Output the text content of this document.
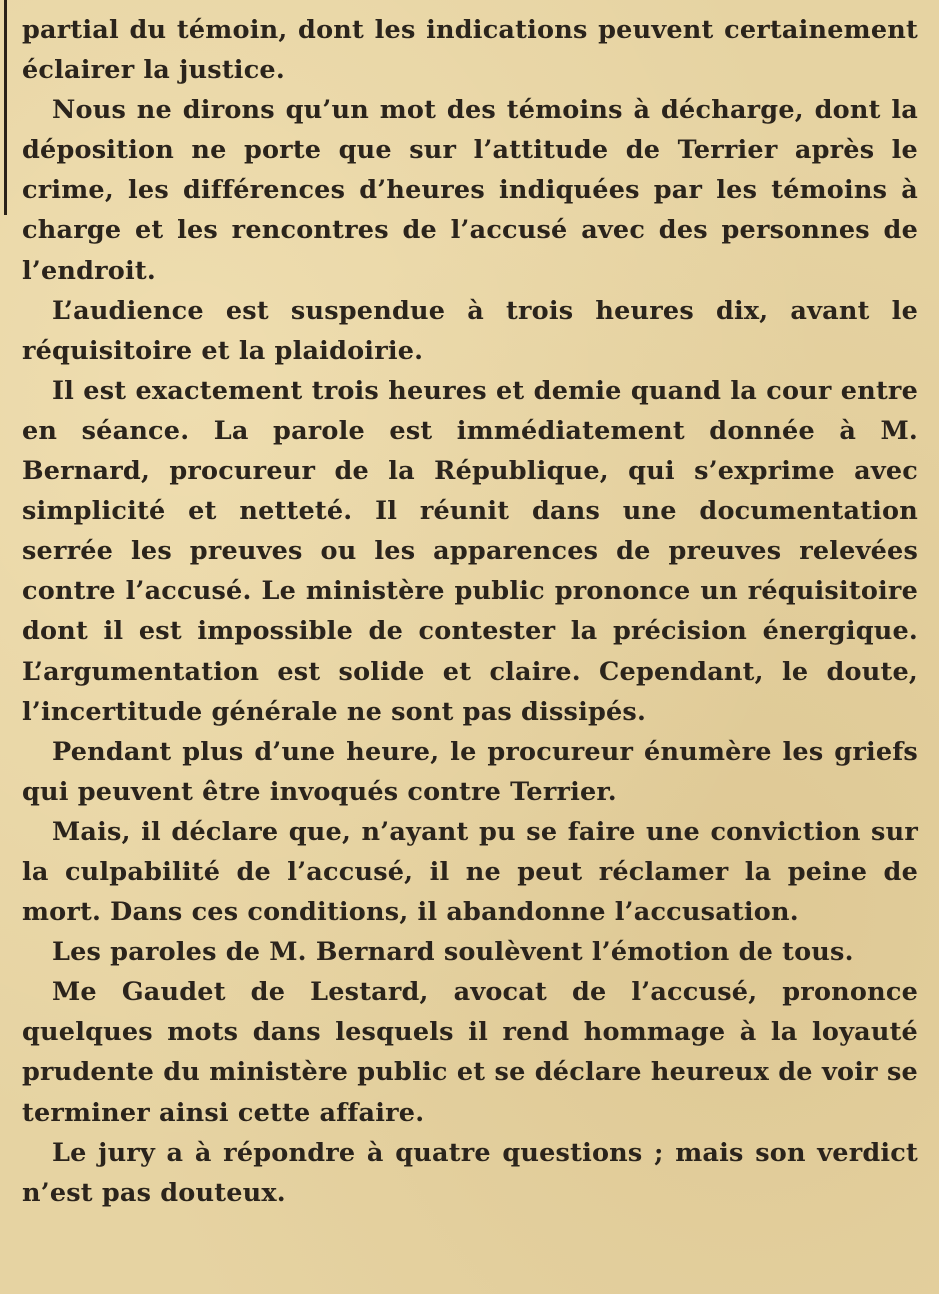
partial du témoin, dont les indications peuvent certainement éclairer la justice.

Nous ne dirons qu’un mot des témoins à décharge, dont la déposition ne porte que sur l’attitude de Terrier après le crime, les différences d’heures indiquées par les témoins à charge et les rencontres de l’accusé avec des personnes de l’endroit.

L’audience est suspendue à trois heures dix, avant le réquisitoire et la plaidoirie.

Il est exactement trois heures et demie quand la cour entre en séance. La parole est immédiatement donnée à M. Bernard, procureur de la République, qui s’exprime avec simplicité et netteté. Il réunit dans une documentation serrée les preuves ou les apparences de preuves relevées contre l’accusé. Le ministère public prononce un réquisitoire dont il est impossible de contester la précision énergique. L’argumentation est solide et claire. Cependant, le doute, l’incertitude générale ne sont pas dissipés.

Pendant plus d’une heure, le procureur énumère les griefs qui peuvent être invoqués contre Terrier.

Mais, il déclare que, n’ayant pu se faire une conviction sur la culpabilité de l’accusé, il ne peut réclamer la peine de mort. Dans ces conditions, il abandonne l’accusation.

Les paroles de M. Bernard soulèvent l’émotion de tous.

Me Gaudet de Lestard, avocat de l’accusé, prononce quelques mots dans lesquels il rend hommage à la loyauté prudente du ministère public et se déclare heureux de voir se terminer ainsi cette affaire.

Le jury a à répondre à quatre questions ; mais son verdict n’est pas douteux.
